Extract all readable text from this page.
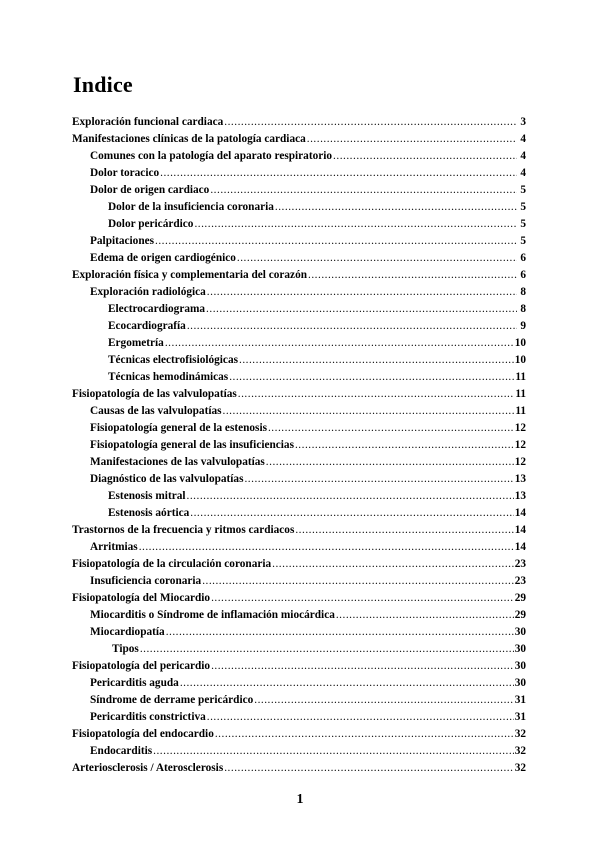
Indice
Exploración funcional cardiaca .....	3
Manifestaciones clínicas de la patología cardiaca .....	4
Comunes con la patología del aparato respiratorio .....	4
Dolor toracico .....	4
Dolor de origen cardiaco .....	5
Dolor de la insuficiencia coronaria .....	5
Dolor pericárdico .....	5
Palpitaciones .....	5
Edema de origen cardiogénico .....	6
Exploración física y complementaria del corazón .....	6
Exploración radiológica .....	8
Electrocardiograma .....	8
Ecocardiografía .....	9
Ergometría .....	10
Técnicas electrofisiológicas .....	10
Técnicas hemodinámicas .....	11
Fisiopatología de las valvulopatías .....	11
Causas de las valvulopatías .....	11
Fisiopatología general de la estenosis .....	12
Fisiopatología general de las insuficiencias .....	12
Manifestaciones de las valvulopatías .....	12
Diagnóstico de las valvulopatías .....	13
Estenosis mitral .....	13
Estenosis aórtica .....	14
Trastornos de la frecuencia y ritmos cardiacos .....	14
Arritmias .....	14
Fisiopatología de la circulación coronaria .....	23
Insuficiencia coronaria .....	23
Fisiopatología del Miocardio .....	29
Miocarditis o Síndrome de inflamación miocárdica .....	29
Miocardiopatía .....	30
Tipos .....	30
Fisiopatología del pericardio .....	30
Pericarditis aguda .....	30
Síndrome de derrame pericárdico .....	31
Pericarditis constrictiva .....	31
Fisiopatología del endocardio .....	32
Endocarditis .....	32
Arteriosclerosis / Aterosclerosis .....	32
1
